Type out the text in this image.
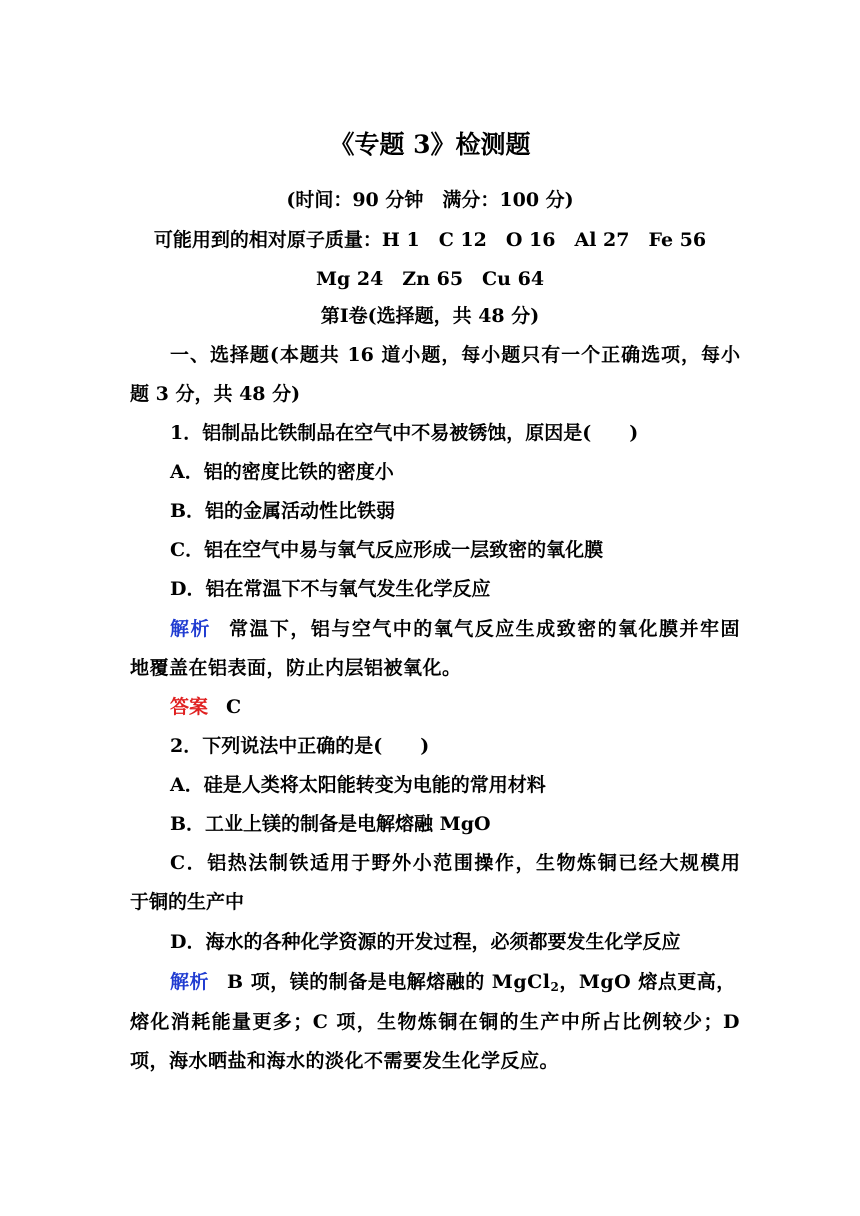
《专题 3》检测题
(时间：90 分钟　满分：100 分)
可能用到的相对原子质量：H 1　C 12　O 16　Al 27　Fe 56
Mg 24　Zn 65　Cu 64
第Ⅰ卷(选择题，共 48 分)
一、选择题(本题共 16 道小题，每小题只有一个正确选项，每小
题 3 分，共 48 分)
1．铝制品比铁制品在空气中不易被锈蚀，原因是(　　)
A．铝的密度比铁的密度小
B．铝的金属活动性比铁弱
C．铝在空气中易与氧气反应形成一层致密的氧化膜
D．铝在常温下不与氧气发生化学反应
解析 常温下，铝与空气中的氧气反应生成致密的氧化膜并牢固
地覆盖在铝表面，防止内层铝被氧化。
答案 C
2．下列说法中正确的是(　　)
A．硅是人类将太阳能转变为电能的常用材料
B．工业上镁的制备是电解熔融 MgO
C．铝热法制铁适用于野外小范围操作，生物炼铜已经大规模用
于铜的生产中
D．海水的各种化学资源的开发过程，必须都要发生化学反应
解析 B 项，镁的制备是电解熔融的 MgCl$_2$，MgO 熔点更高，
熔化消耗能量更多；C 项，生物炼铜在铜的生产中所占比例较少；D
项，海水晒盐和海水的淡化不需要发生化学反应。
